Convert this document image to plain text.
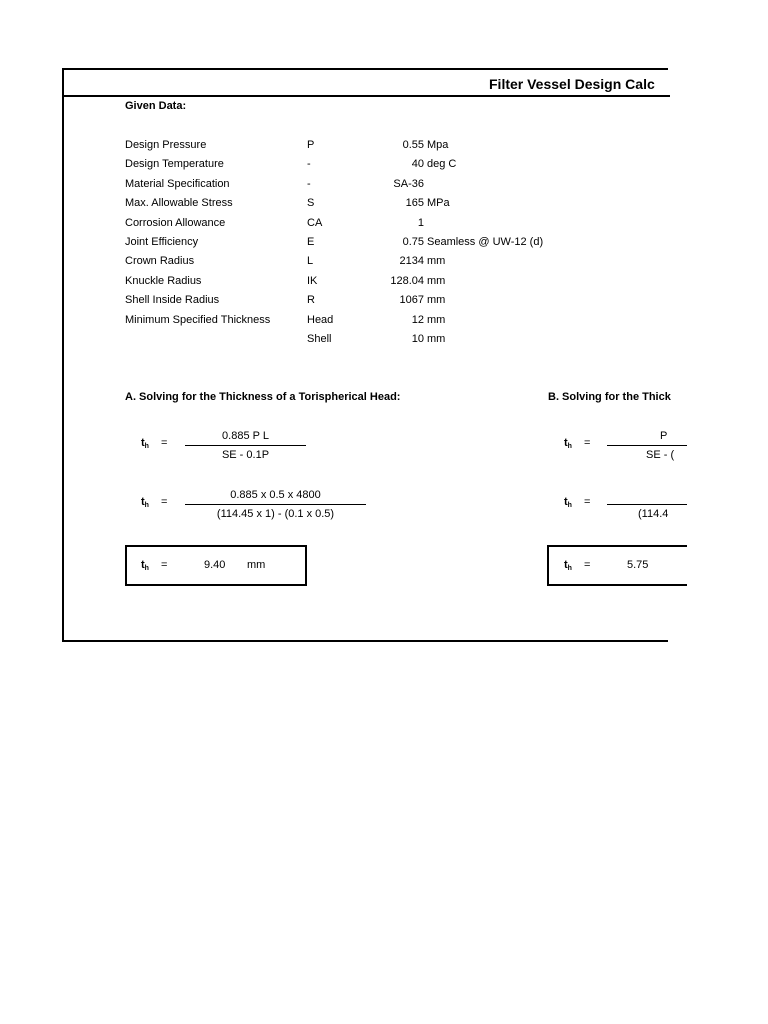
Filter Vessel Design Calc
Given Data:
Design Pressure	P	0.55 Mpa
Design Temperature	-	40 deg C
Material Specification	-	SA-36
Max. Allowable Stress	S	165 MPa
Corrosion Allowance	CA	1
Joint Efficiency	E	0.75 Seamless @ UW-12 (d)
Crown Radius	L	2134 mm
Knuckle Radius	IK	128.04 mm
Shell Inside Radius	R	1067 mm
Minimum Specified Thickness	Head	12 mm
Shell	10 mm
A. Solving for the Thickness of a Torispherical Head:
$t_h$ =
0.885 P L
SE - 0.1P
$t_h$ =
0.885 x 0.5 x 4800
(114.45 x 1) - (0.1 x 0.5)
$t_h$ =	9.40 mm
B. Solving for the Thick
$t_h$ =
P
SE - (
$t_h$ =
(114.4
$t_h$ =	5.75
